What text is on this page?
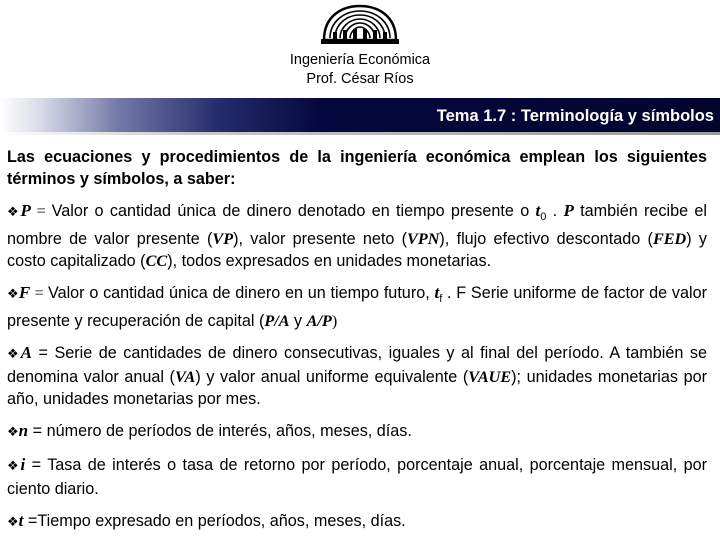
Ingeniería Económica
Prof. César Ríos
Tema 1.7 : Terminología y símbolos

Las ecuaciones y procedimientos de la ingeniería económica emplean los siguientes términos y símbolos, a saber:

❖P = Valor o cantidad única de dinero denotado en tiempo presente o $t_0$ . P también recibe el nombre de valor presente (VP), valor presente neto (VPN), flujo efectivo descontado (FED) y costo capitalizado (CC), todos expresados en unidades monetarias.

❖F = Valor o cantidad única de dinero en un tiempo futuro, $t_f$ . F Serie uniforme de factor de valor presente y recuperación de capital (P/A y A/P)

❖A = Serie de cantidades de dinero consecutivas, iguales y al final del período. A también se denomina valor anual (VA) y valor anual uniforme equivalente (VAUE); unidades monetarias por año, unidades monetarias por mes.

❖n = número de períodos de interés, años, meses, días.

❖i = Tasa de interés o tasa de retorno por período, porcentaje anual, porcentaje mensual, por ciento diario.

❖t =Tiempo expresado en períodos, años, meses, días.
